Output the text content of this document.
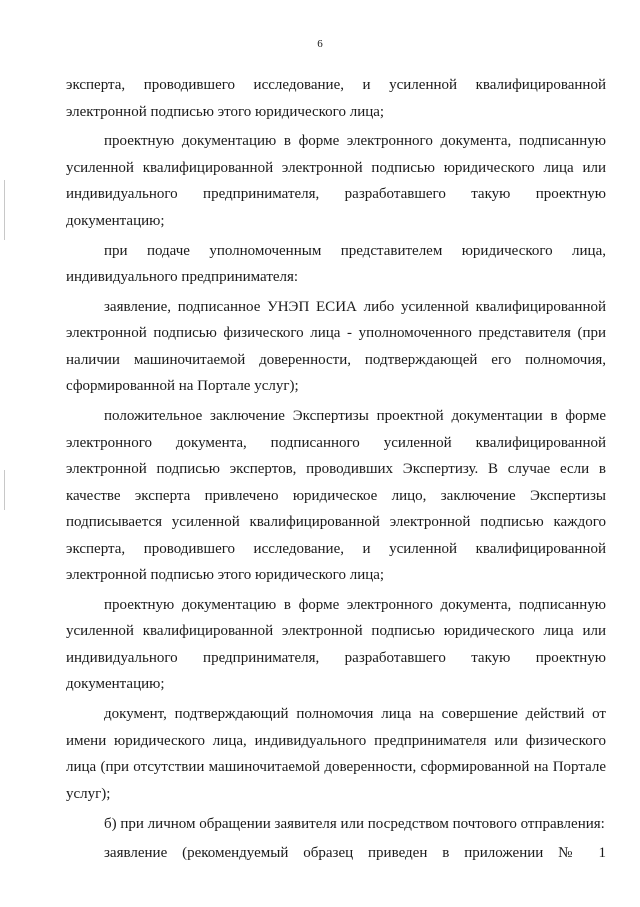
6

эксперта, проводившего исследование, и усиленной квалифицированной электронной подписью этого юридического лица;

проектную документацию в форме электронного документа, подписанную усиленной квалифицированной электронной подписью юридического лица или индивидуального предпринимателя, разработавшего такую проектную документацию;

при подаче уполномоченным представителем юридического лица, индивидуального предпринимателя:

заявление, подписанное УНЭП ЕСИА либо усиленной квалифицированной электронной подписью физического лица - уполномоченного представителя (при наличии машиночитаемой доверенности, подтверждающей его полномочия, сформированной на Портале услуг);

положительное заключение Экспертизы проектной документации в форме электронного документа, подписанного усиленной квалифицированной электронной подписью экспертов, проводивших Экспертизу. В случае если в качестве эксперта привлечено юридическое лицо, заключение Экспертизы подписывается усиленной квалифицированной электронной подписью каждого эксперта, проводившего исследование, и усиленной квалифицированной электронной подписью этого юридического лица;

проектную документацию в форме электронного документа, подписанную усиленной квалифицированной электронной подписью юридического лица или индивидуального предпринимателя, разработавшего такую проектную документацию;

документ, подтверждающий полномочия лица на совершение действий от имени юридического лица, индивидуального предпринимателя или физического лица (при отсутствии машиночитаемой доверенности, сформированной на Портале услуг);

б) при личном обращении заявителя или посредством почтового отправления:

заявление (рекомендуемый образец приведен в приложении № 1
